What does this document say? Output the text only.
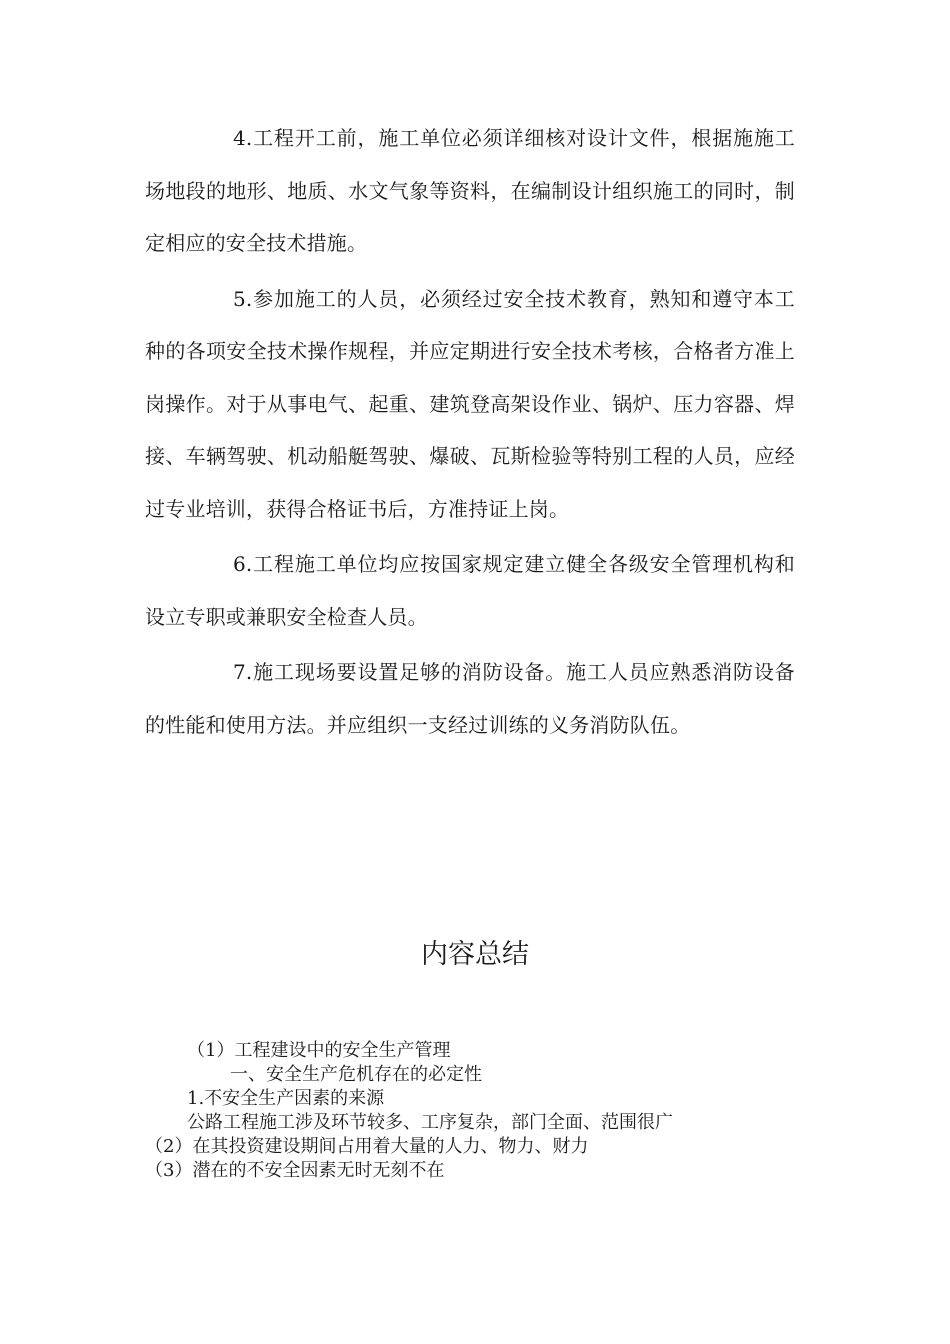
4.工程开工前，施工单位必须详细核对设计文件，根据施施工场地段的地形、地质、水文气象等资料，在编制设计组织施工的同时，制定相应的安全技术措施。

5.参加施工的人员，必须经过安全技术教育，熟知和遵守本工种的各项安全技术操作规程，并应定期进行安全技术考核，合格者方准上岗操作。对于从事电气、起重、建筑登高架设作业、锅炉、压力容器、焊接、车辆驾驶、机动船艇驾驶、爆破、瓦斯检验等特别工程的人员，应经过专业培训，获得合格证书后，方准持证上岗。

6.工程施工单位均应按国家规定建立健全各级安全管理机构和设立专职或兼职安全检查人员。

7.施工现场要设置足够的消防设备。施工人员应熟悉消防设备的性能和使用方法。并应组织一支经过训练的义务消防队伍。

内容总结

（1）工程建设中的安全生产管理

一、安全生产危机存在的必定性

1.不安全生产因素的来源

公路工程施工涉及环节较多、工序复杂，部门全面、范围很广

（2）在其投资建设期间占用着大量的人力、物力、财力

（3）潜在的不安全因素无时无刻不在
